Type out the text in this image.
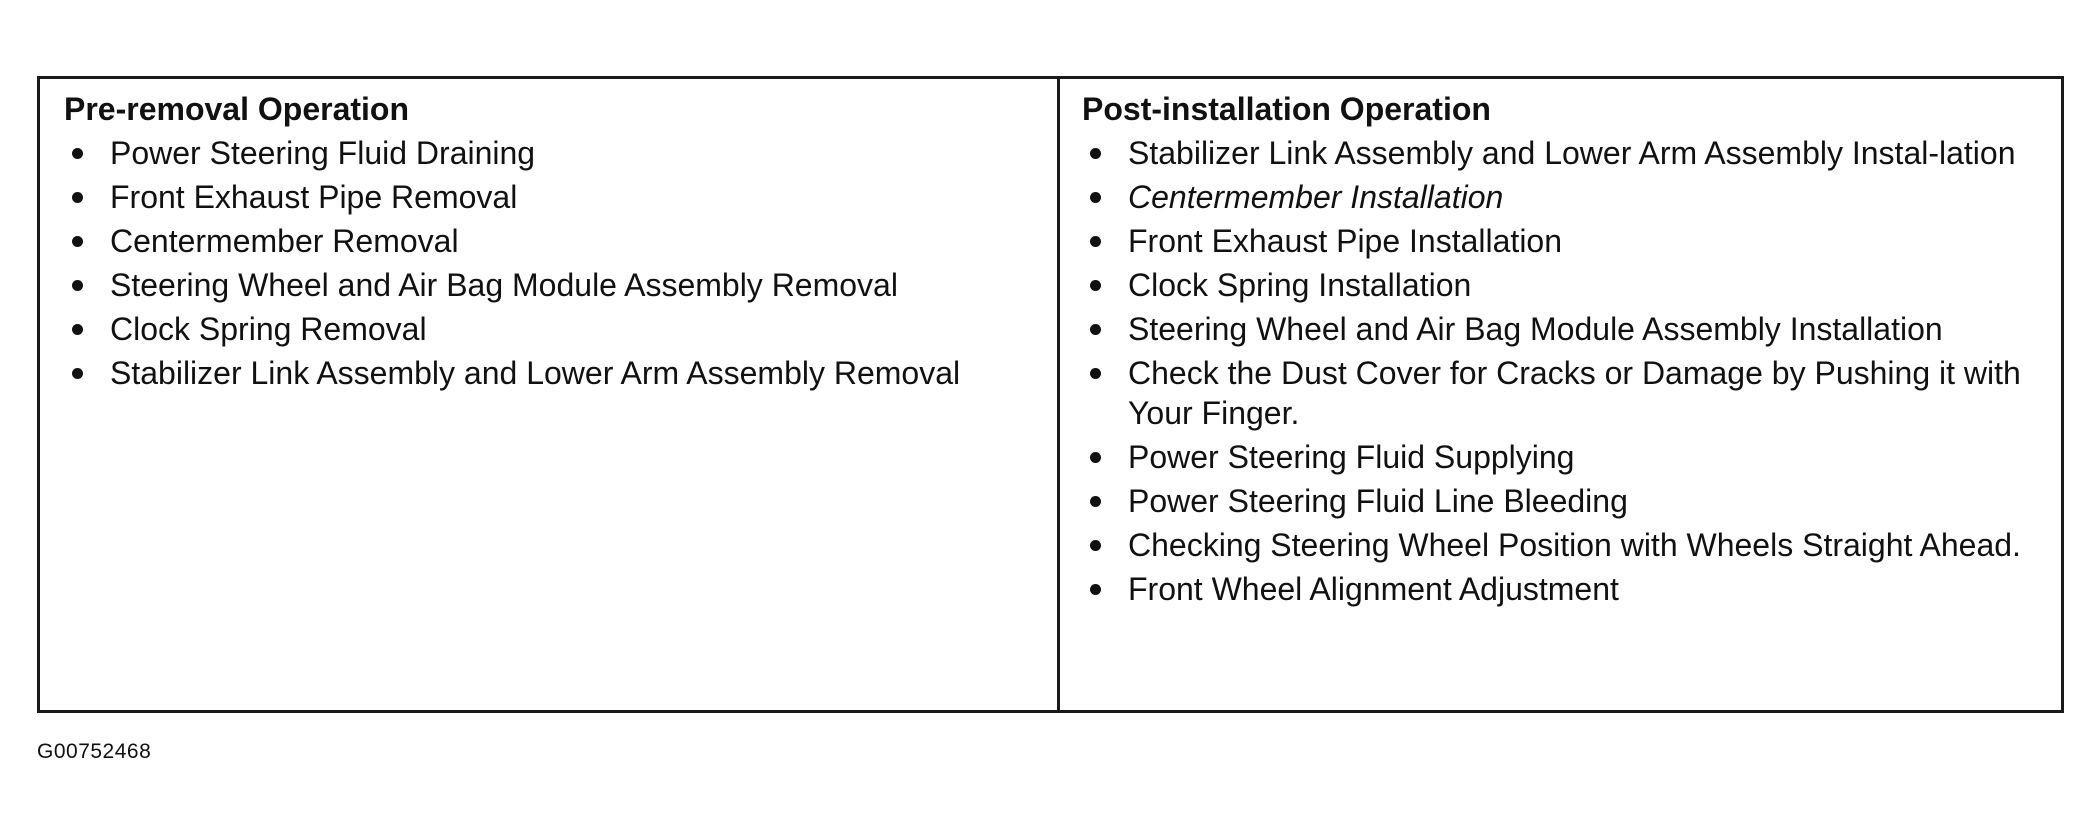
Pre-removal Operation

Power Steering Fluid Draining
Front Exhaust Pipe Removal
Centermember Removal
Steering Wheel and Air Bag Module Assembly Removal
Clock Spring Removal
Stabilizer Link Assembly and Lower Arm Assembly Removal

Post-installation Operation

Stabilizer Link Assembly and Lower Arm Assembly Instal-lation
Centermember Installation
Front Exhaust Pipe Installation
Clock Spring Installation
Steering Wheel and Air Bag Module Assembly Installation
Check the Dust Cover for Cracks or Damage by Pushing it with Your Finger.
Power Steering Fluid Supplying
Power Steering Fluid Line Bleeding
Checking Steering Wheel Position with Wheels Straight Ahead.
Front Wheel Alignment Adjustment
G00752468
